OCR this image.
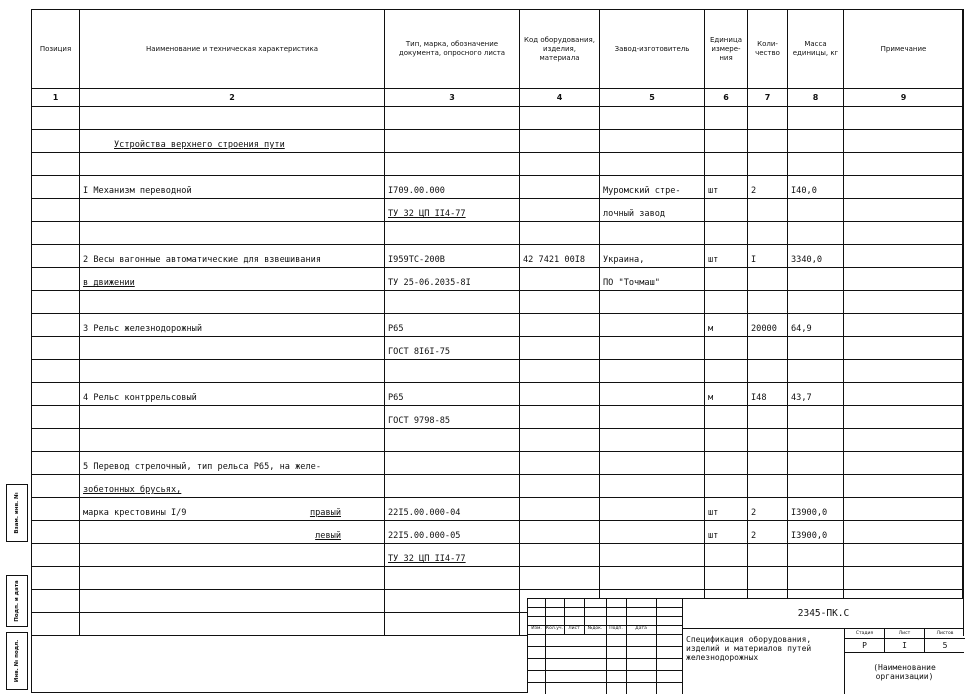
Позиция	Наименование и техническая характеристика	Тип, марка, обозначение документа, опросного листа	Код оборудования, изделия, материала	Завод-изготовитель	Единица измере-ния	Коли-чество	Масса единицы, кг	Примечание
1	2	3	4	5	6	7	8	9

	Устройства верхнего строения пути							

	I Механизм переводной	I709.00.000		Муромский стре-	шт	2	I40,0	
		ТУ 32 ЦП II4-77		лочный завод				

	2 Весы вагонные автоматические для взвешивания	I959ТС-200В	42 7421 00I8	Украина,	шт	I	3340,0	
	в движении	ТУ 25-06.2035-8I		ПО "Точмаш"				

	3 Рельс железнодорожный	Р65			м	20000	64,9	
		ГОСТ 8I6I-75						

	4 Рельс контррельсовый	Р65			м	I48	43,7	
		ГОСТ 9798-85						

	5 Перевод стрелочный, тип рельса Р65, на желе-							
	зобетонных брусьях,							
	марка крестовины I/9 правый	22I5.00.000-04			шт	2	I3900,0	

	левый	22I5.00.000-05			шт	2	I3900,0	
		ТУ 32 ЦП II4-77						

Взам. инв. №
Подп. и дата
Инв. № подл.
Изм. Кол.уч.	Лист	№док.	Подп.	Дата
2345-ПК.С
Спецификация оборудования,
изделий и материалов путей
железнодорожных
Стадия
Р
Лист
I
Листов
5
(Наименование
организации)
